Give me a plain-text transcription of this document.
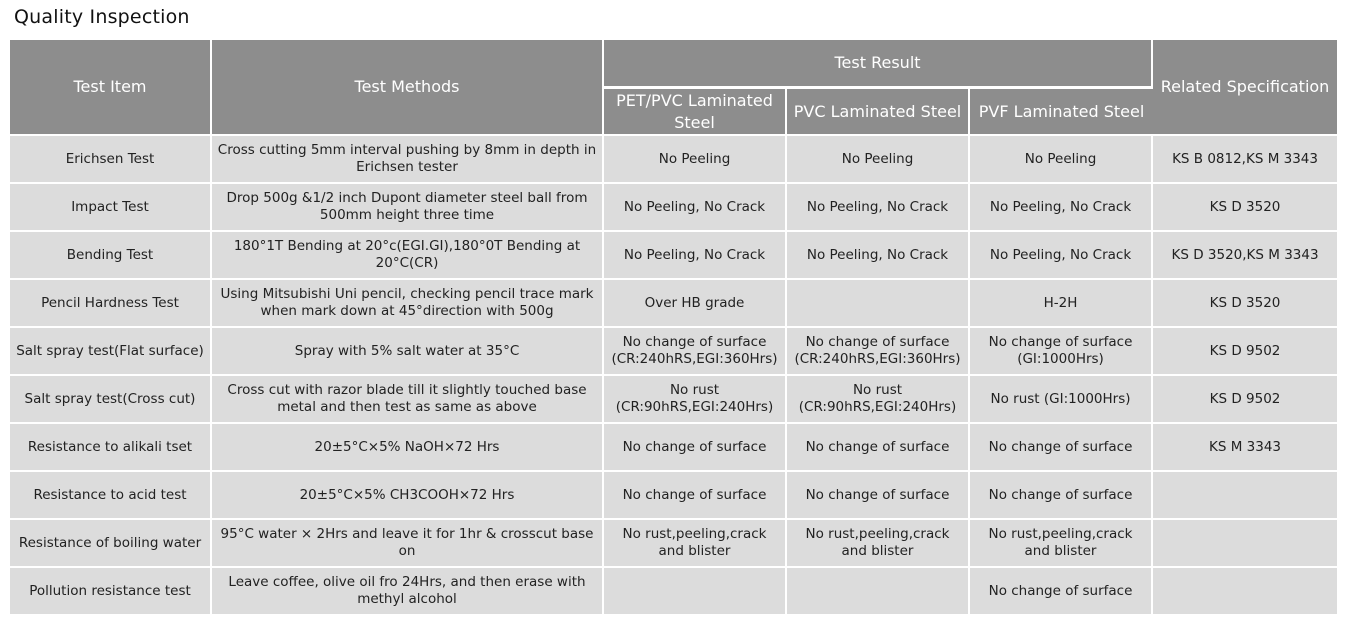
Quality Inspection
Test Item	Test Methods	Test Result			Related Specification
		PET/PVC Laminated Steel	PVC Laminated Steel	PVF Laminated Steel	
Erichsen Test	Cross cutting 5mm interval pushing by 8mm in depth in Erichsen tester	No Peeling	No Peeling	No Peeling	KS B 0812,KS M 3343
Impact Test	Drop 500g &1/2 inch Dupont diameter steel ball from 500mm height three time	No Peeling, No Crack	No Peeling, No Crack	No Peeling, No Crack	KS D 3520
Bending Test	180°1T Bending at 20°c(EGI.GI),180°0T Bending at 20°C(CR)	No Peeling, No Crack	No Peeling, No Crack	No Peeling, No Crack	KS D 3520,KS M 3343
Pencil Hardness Test	Using Mitsubishi Uni pencil, checking pencil trace mark when mark down at 45°direction with 500g	Over HB grade		H-2H	KS D 3520
Salt spray test(Flat surface)	Spray with 5% salt water at 35°C	No change of surface (CR:240hRS,EGI:360Hrs)	No change of surface (CR:240hRS,EGI:360Hrs)	No change of surface (GI:1000Hrs)	KS D 9502
Salt spray test(Cross cut)	Cross cut with razor blade till it slightly touched base metal and then test as same as above	No rust (CR:90hRS,EGI:240Hrs)	No rust (CR:90hRS,EGI:240Hrs)	No rust (GI:1000Hrs)	KS D 9502
Resistance to alikali tset	20±5°C×5% NaOH×72 Hrs	No change of surface	No change of surface	No change of surface	KS M 3343
Resistance to acid test	20±5°C×5% CH3COOH×72 Hrs	No change of surface	No change of surface	No change of surface	
Resistance of boiling water	95°C water × 2Hrs and leave it for 1hr & crosscut base on	No rust,peeling,crack and blister	No rust,peeling,crack and blister	No rust,peeling,crack and blister	
Pollution resistance test	Leave coffee, olive oil fro 24Hrs, and then erase with methyl alcohol			No change of surface	
